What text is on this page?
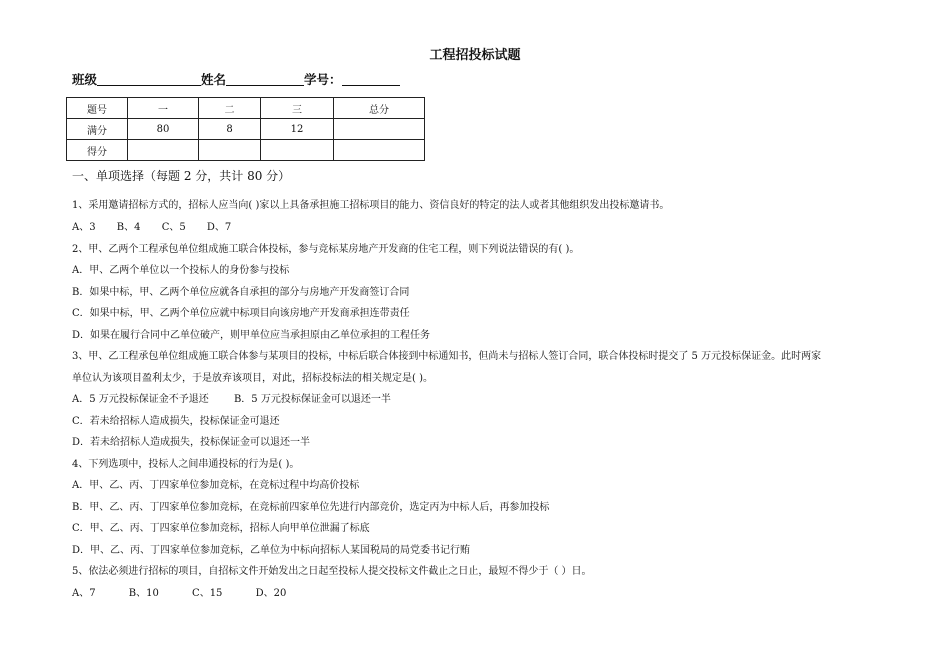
工程招投标试题
班级	姓名	学号：
题号	一	二	三	总分
满分	80	8	12	
得分				
一、单项选择（每题 2 分，共计 80 分）
1、采用邀请招标方式的，招标人应当向( )家以上具备承担施工招标项目的能力、资信良好的特定的法人或者其他组织发出投标邀请书。
A、3 B、4 C、5 D、7
2、甲、乙两个工程承包单位组成施工联合体投标，参与竞标某房地产开发商的住宅工程，则下列说法错误的有( )。
A．甲、乙两个单位以一个投标人的身份参与投标
B．如果中标，甲、乙两个单位应就各自承担的部分与房地产开发商签订合同
C．如果中标，甲、乙两个单位应就中标项目向该房地产开发商承担连带责任
D．如果在履行合同中乙单位破产，则甲单位应当承担原由乙单位承担的工程任务
3、甲、乙工程承包单位组成施工联合体参与某项目的投标，中标后联合体接到中标通知书，但尚未与招标人签订合同，联合体投标时提交了 5 万元投标保证金。此时两家
单位认为该项目盈利太少，于是放弃该项目，对此，招标投标法的相关规定是( )。
A．5 万元投标保证金不予退还	B．5 万元投标保证金可以退还一半
C．若未给招标人造成损失，投标保证金可退还
D．若未给招标人造成损失，投标保证金可以退还一半
4、下列选项中，投标人之间串通投标的行为是( )。
A．甲、乙、丙、丁四家单位参加竞标，在竞标过程中均高价投标
B．甲、乙、丙、丁四家单位参加竞标，在竞标前四家单位先进行内部竞价，选定丙为中标人后，再参加投标
C．甲、乙、丙、丁四家单位参加竞标，招标人向甲单位泄漏了标底
D．甲、乙、丙、丁四家单位参加竞标，乙单位为中标向招标人某国税局的局党委书记行贿
5、依法必须进行招标的项目，自招标文件开始发出之日起至投标人提交投标文件截止之日止，最短不得少于（ ）日。
A、7	B、10	C、15	D、20
